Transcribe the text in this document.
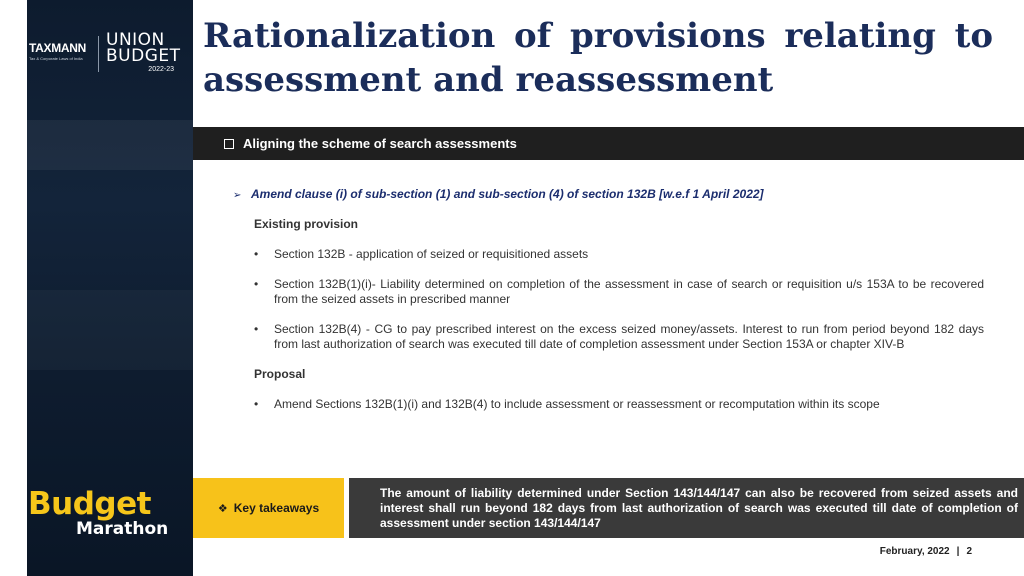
TAXMANN
Tax & Corporate Laws of India
UNION
BUDGET
2022-23
Budget
Marathon
Rationalization of provisions relating to assessment and reassessment
Aligning the scheme of search assessments
➢ Amend clause (i) of sub-section (1) and sub-section (4) of section 132B [w.e.f 1 April 2022]
Existing provision
•	Section 132B - application of seized or requisitioned assets
•	Section 132B(1)(i)- Liability determined on completion of the assessment in case of search or requisition u/s 153A to be recovered from the seized assets in prescribed manner
•	Section 132B(4) - CG to pay prescribed interest on the excess seized money/assets. Interest to run from period beyond 182 days from last authorization of search was executed till date of completion assessment under Section 153A or chapter XIV-B
Proposal
•	Amend Sections 132B(1)(i) and 132B(4) to include assessment or reassessment or recomputation within its scope
❖ Key takeaways
The amount of liability determined under Section 143/144/147 can also be recovered from seized assets and interest shall run beyond 182 days from last authorization of search was executed till date of completion of assessment under section 143/144/147
February, 2022 | 2
